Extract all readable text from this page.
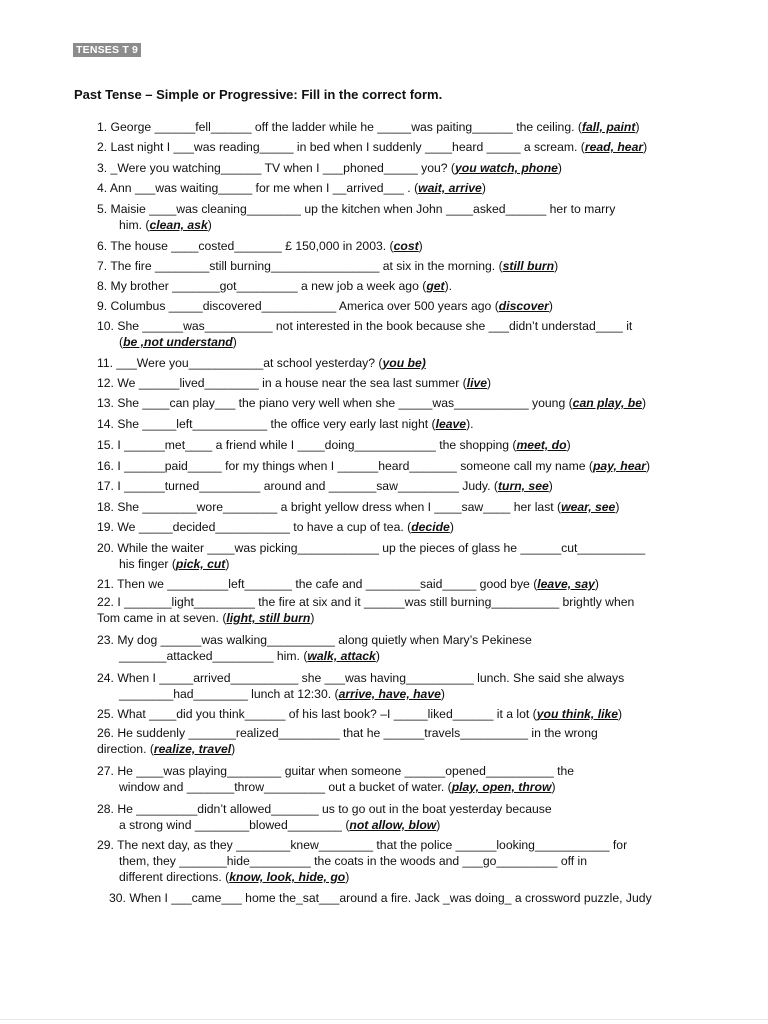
TENSES T 9
Past Tense – Simple or Progressive: Fill in the correct form.
1. George ______fell______ off the ladder while he _____was paiting______ the ceiling. (fall, paint)
2. Last night I ___was reading_____ in bed when I suddenly ____heard _____ a scream. (read, hear)
3. _Were you watching______ TV when I ___phoned_____ you? (you watch, phone)
4. Ann ___was waiting_____ for me when I __arrived___ . (wait, arrive)
5. Maisie ____was cleaning________ up the kitchen when John ____asked______ her to marry
him. (clean, ask)
6. The house ____costed_______ £ 150,000 in 2003. (cost)
7. The fire ________still burning________________ at six in the morning. (still burn)
8. My brother _______got_________ a new job a week ago (get).
9. Columbus _____discovered___________ America over 500 years ago (discover)
10. She ______was__________ not interested in the book because she ___didn’t understad____ it
(be ,not understand)
11. ___Were you___________at school yesterday? (you be)
12. We ______lived________ in a house near the sea last summer (live)
13. She ____can play___ the piano very well when she _____was___________ young (can play, be)
14. She _____left___________ the office very early last night (leave).
15. I ______met____ a friend while I ____doing____________ the shopping (meet, do)
16. I ______paid_____ for my things when I ______heard_______ someone call my name (pay, hear)
17. I ______turned_________ around and _______saw_________ Judy. (turn, see)
18. She ________wore________ a bright yellow dress when I ____saw____ her last (wear, see)
19. We _____decided___________ to have a cup of tea. (decide)
20. While the waiter ____was picking____________ up the pieces of glass he ______cut__________
his finger (pick, cut)
21. Then we _________left_______ the cafe and ________said_____ good bye (leave, say)
22. I _______light_________ the fire at six and it ______was still burning__________ brightly when
Tom came in at seven. (light, still burn)
23. My dog ______was walking__________ along quietly when Mary’s Pekinese
_______attacked_________ him. (walk, attack)
24. When I _____arrived__________ she ___was having__________ lunch. She said she always
________had________ lunch at 12:30. (arrive, have, have)
25. What ____did you think______ of his last book? –I _____liked______ it a lot (you think, like)
26. He suddenly _______realized_________ that he ______travels__________ in the wrong
direction. (realize, travel)
27. He ____was playing________ guitar when someone ______opened__________ the
window and _______throw_________ out a bucket of water. (play, open, throw)
28. He _________didn’t allowed_______ us to go out in the boat yesterday because
a strong wind ________blowed________ (not allow, blow)
29. The next day, as they ________knew________ that the police ______looking___________ for
them, they _______hide_________ the coats in the woods and ___go_________ off in
different directions. (know, look, hide, go)
30. When I ___came___ home the_sat___around a fire. Jack _was doing_ a crossword puzzle, Judy
